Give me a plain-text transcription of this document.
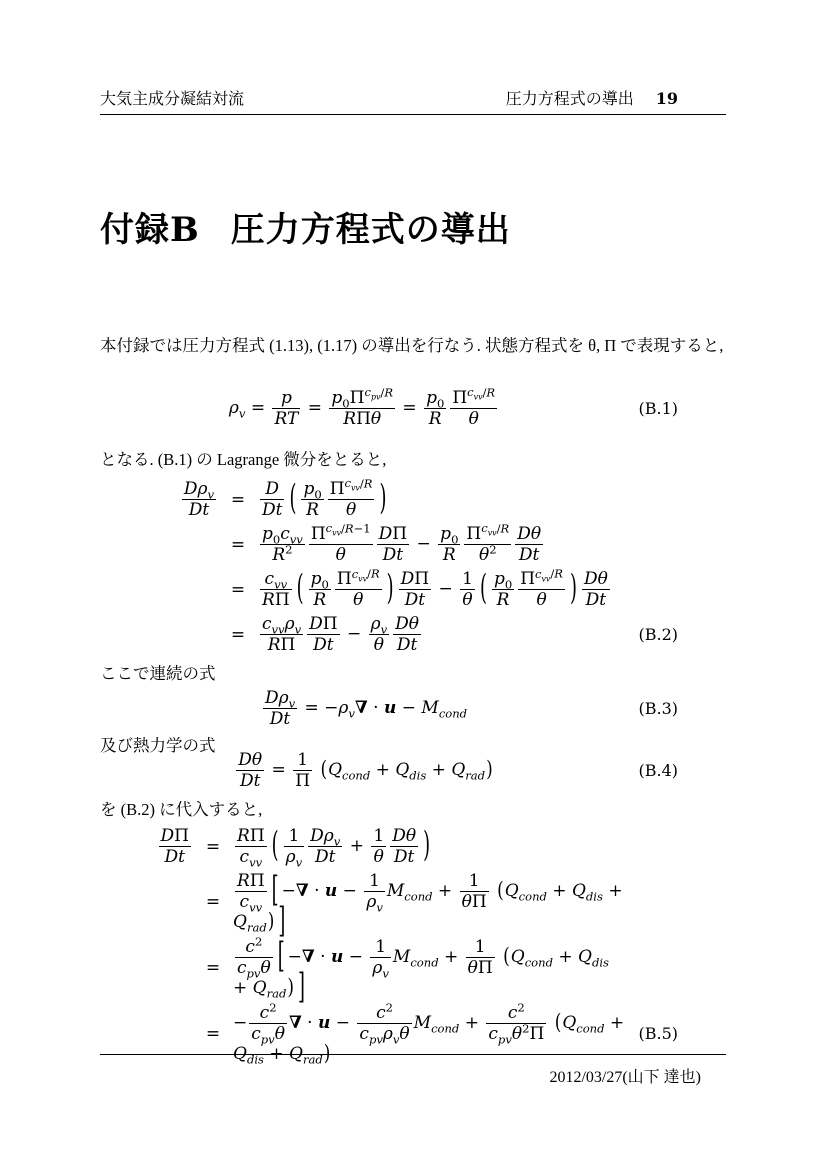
大気主成分凝結対流	圧力方程式の導出 19
付録B 圧力方程式の導出

本付録では圧力方程式 (1.13), (1.17) の導出を行なう. 状態方程式を θ, Π で表現すると,

$\rho_v = \frac{p}{RT}$ =
$p_0\Pi^{c_{pv}/R}$
RΠθ
= $\frac{p_0}{R} \Pi^{c_{vv}/R}$
θ
(B.1)

となる. (B.1) の Lagrange 微分をとると,

$D\rho_v$
Dt
= $\frac{D}{Dt}$ ( $\frac{p_0}{R} \Pi^{c_{vv}/R}$
θ	)
=
$p_0c_{vv}$
$R^2$
$\Pi^{c_{vv}/R-1}$
θ	$\frac{D\Pi}{Dt} - \frac{p_0}{R} \Pi^{c_{vv}/R}$
$\theta^2$	$\frac{D\theta}{Dt}$
=
$c_{vv}$
RΠ ( $\frac{p_0}{R} \Pi^{c_{vv}/R}$
θ	) $\frac{D\Pi}{Dt} - \frac{1}{\theta}$ ( $\frac{p_0}{R} \Pi^{c_{vv}/R}$
θ	) $\frac{D\theta}{Dt}$
=
$c_{vv}\rho_v$
RΠ $\frac{D\Pi}{Dt} - \frac{\rho_v}{\theta} \frac{D\theta}{Dt}$	(B.2)

ここで連続の式

$D\rho_v$
Dt
= $-\rho_v\nabla \cdot u - M_{cond}$	(B.3)

及び熱力学の式

$\frac{D\theta}{Dt} = \frac{1}{\Pi} (Q_{cond} + Q_{dis} + Q_{rad})$	(B.4)

を (B.2) に代入すると,

$\frac{D\Pi}{Dt}$ =
RΠ
$c_{vv}$ ( $\frac{1}{\rho_v} D\rho_v$
Dt
+ $\frac{1}{\theta} \frac{D\theta}{Dt}$ )
=
RΠ
$c_{vv}$ [ −∇ · $u - \frac{1}{\rho_v} M_{cond} + \frac{1}{\theta\Pi} (Q_{cond} + Q_{dis} + Q_{rad})$ ]
=
$c^2$
$c_{pv}\theta$ [ −∇ · $u - \frac{1}{\rho_v} M_{cond} + \frac{1}{\theta\Pi} (Q_{cond} + Q_{dis} + Q_{rad})$ ]
=
−
$c^2$
$c_{pv}\theta$
∇ · u −
$c^2$
$c_{pv}\rho_v\theta$
$M_{cond}$ +
$c^2$
$c_{pv}\theta^2\Pi$ $(Q_{cond} + Q_{dis} + Q_{rad})$
(B.5)
2012/03/27(山下 達也)
